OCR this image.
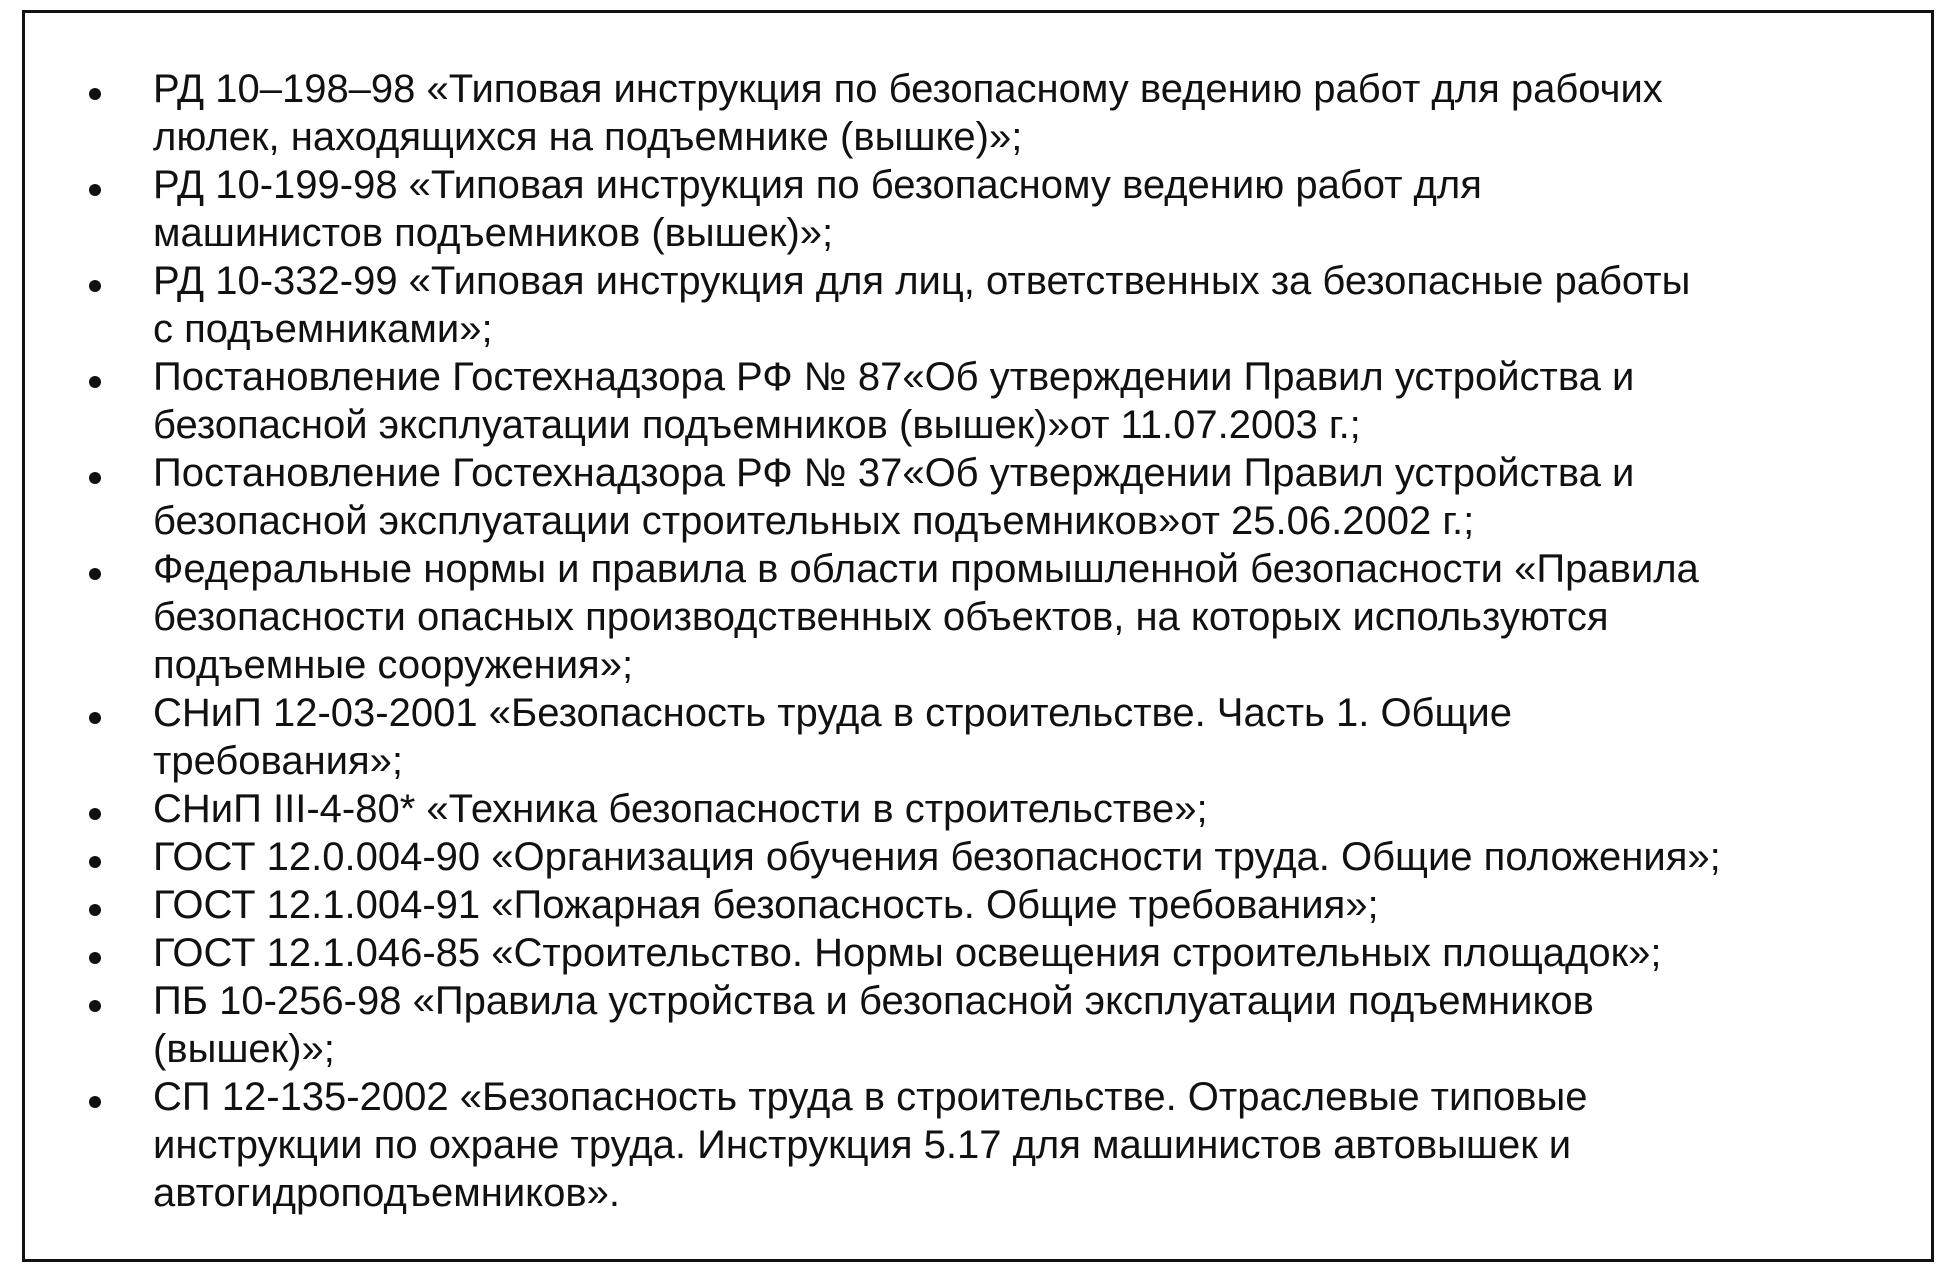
РД 10–198–98 «Типовая инструкция по безопасному ведению работ для рабочих
люлек, находящихся на подъемнике (вышке)»;
РД 10-199-98 «Типовая инструкция по безопасному ведению работ для
машинистов подъемников (вышек)»;
РД 10-332-99 «Типовая инструкция для лиц, ответственных за безопасные работы
с подъемниками»;
Постановление Гостехнадзора РФ № 87«Об утверждении Правил устройства и
безопасной эксплуатации подъемников (вышек)»от 11.07.2003 г.;
Постановление Гостехнадзора РФ № 37«Об утверждении Правил устройства и
безопасной эксплуатации строительных подъемников»от 25.06.2002 г.;
Федеральные нормы и правила в области промышленной безопасности «Правила
безопасности опасных производственных объектов, на которых используются
подъемные сооружения»;
СНиП 12-03-2001 «Безопасность труда в строительстве. Часть 1. Общие
требования»;
СНиП III-4-80* «Техника безопасности в строительстве»;
ГОСТ 12.0.004-90 «Организация обучения безопасности труда. Общие положения»;
ГОСТ 12.1.004-91 «Пожарная безопасность. Общие требования»;
ГОСТ 12.1.046-85 «Строительство. Нормы освещения строительных площадок»;
ПБ 10-256-98 «Правила устройства и безопасной эксплуатации подъемников
(вышек)»;
СП 12-135-2002 «Безопасность труда в строительстве. Отраслевые типовые
инструкции по охране труда. Инструкция 5.17 для машинистов автовышек и
автогидроподъемников».
